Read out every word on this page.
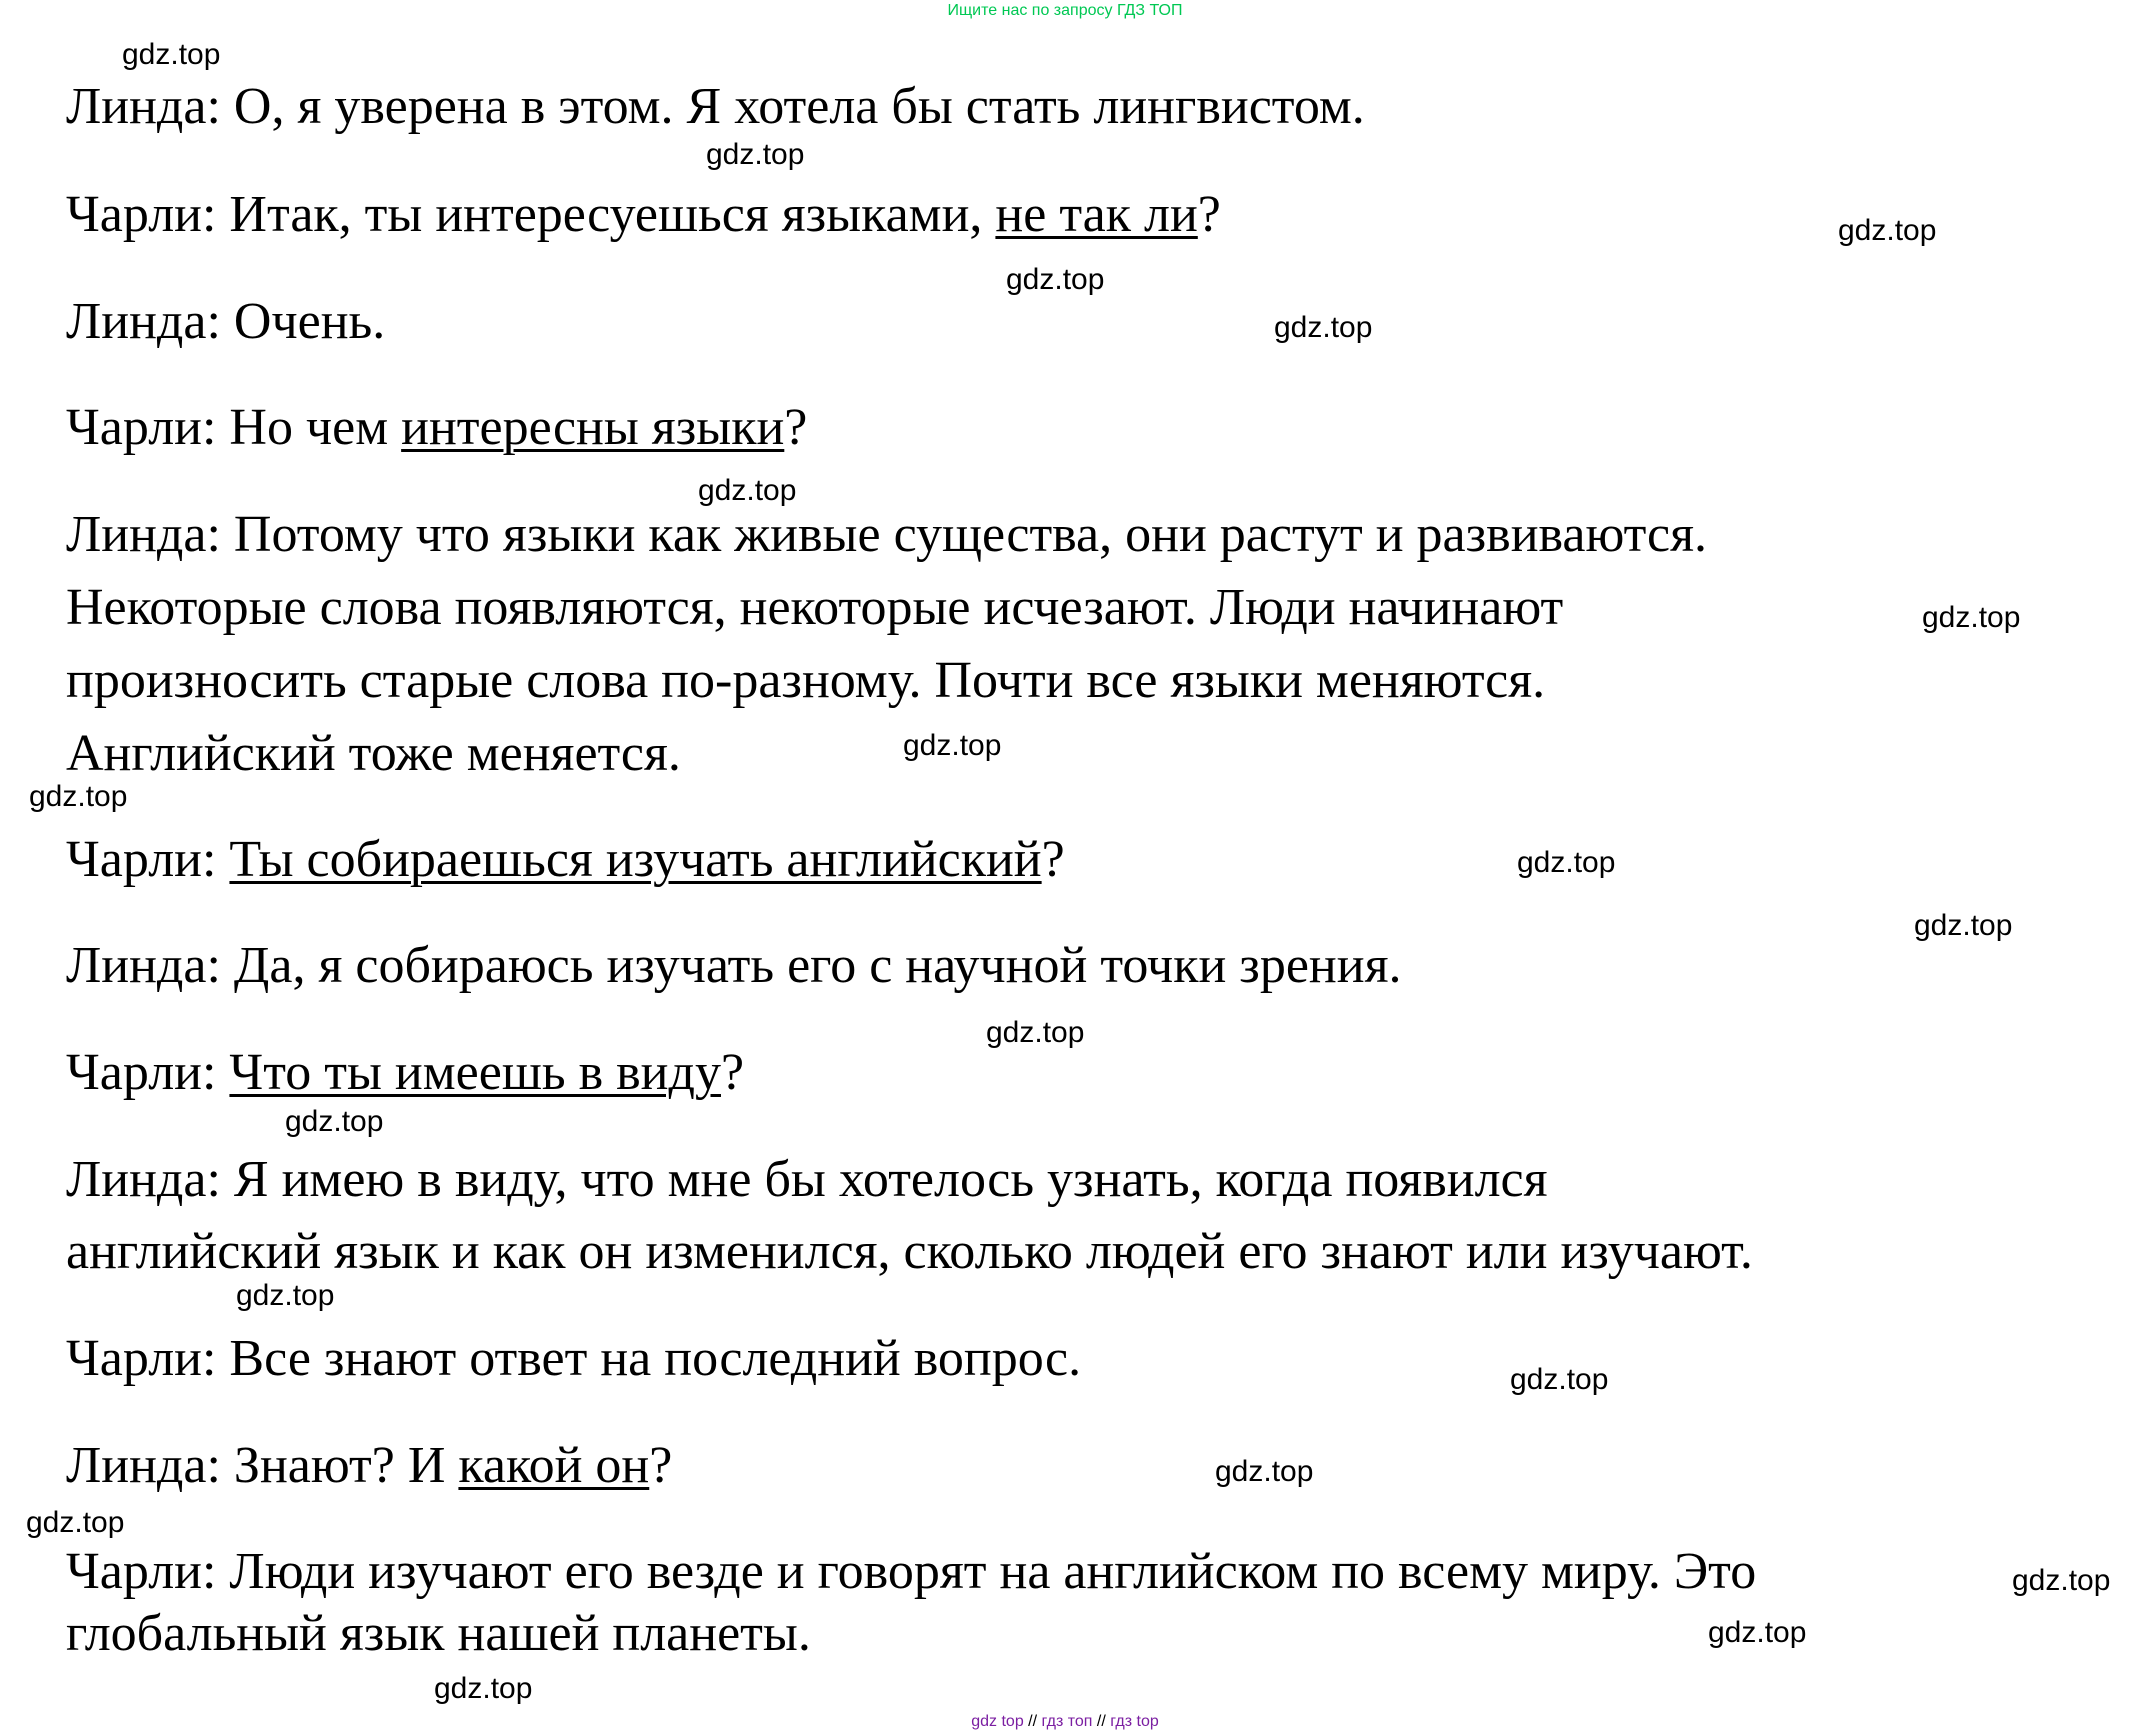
Ищите нас по запросу ГДЗ ТОП
Линда: О, я уверена в этом. Я хотела бы стать лингвистом.
Чарли: Итак, ты интересуешься языками, не так ли?
Линда: Очень.
Чарли: Но чем интересны языки?
Линда: Потому что языки как живые существа, они растут и развиваются.
Некоторые слова появляются, некоторые исчезают. Люди начинают
произносить старые слова по-разному. Почти все языки меняются.
Английский тоже меняется.
Чарли: Ты собираешься изучать английский?
Линда: Да, я собираюсь изучать его с научной точки зрения.
Чарли: Что ты имеешь в виду?
Линда: Я имею в виду, что мне бы хотелось узнать, когда появился
английский язык и как он изменился, сколько людей его знают или изучают.
Чарли: Все знают ответ на последний вопрос.
Линда: Знают? И какой он?
Чарли: Люди изучают его везде и говорят на английском по всему миру. Это
глобальный язык нашей планеты.
gdz.top
gdz.top
gdz.top
gdz.top
gdz.top
gdz.top
gdz.top
gdz.top
gdz.top
gdz.top
gdz.top
gdz.top
gdz.top
gdz.top
gdz.top
gdz.top
gdz.top
gdz.top
gdz.top
gdz.top
gdz top // гдз топ // гдз top
